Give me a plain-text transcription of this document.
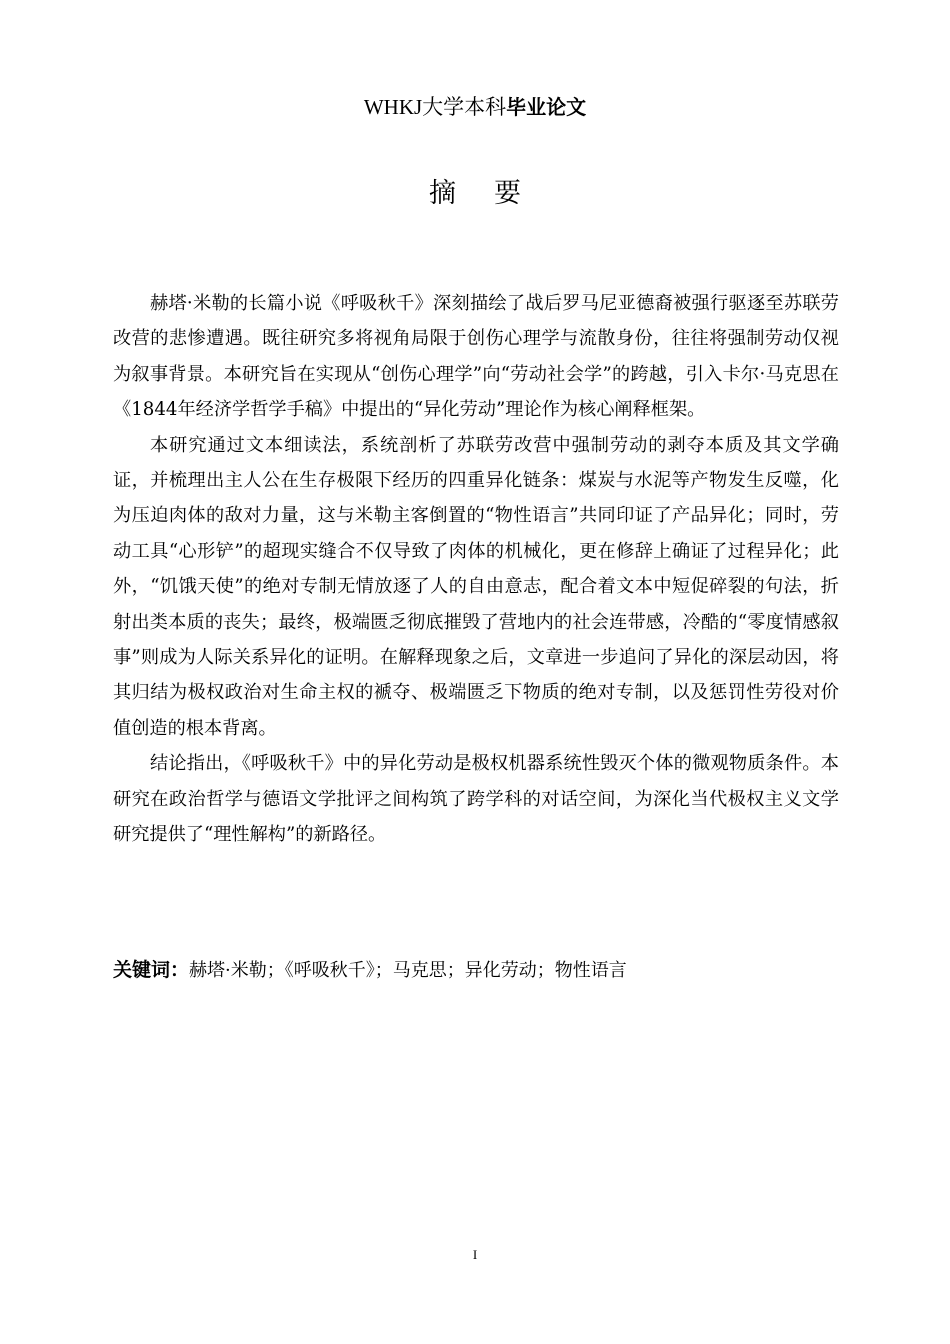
WHKJ大学本科毕业论文
摘要

赫塔·米勒的长篇小说《呼吸秋千》深刻描绘了战后罗马尼亚德裔被强行驱逐至苏联劳改营的悲惨遭遇。既往研究多将视角局限于创伤心理学与流散身份，往往将强制劳动仅视为叙事背景。本研究旨在实现从“创伤心理学”向“劳动社会学”的跨越，引入卡尔·马克思在《1844年经济学哲学手稿》中提出的“异化劳动”理论作为核心阐释框架。

本研究通过文本细读法，系统剖析了苏联劳改营中强制劳动的剥夺本质及其文学确证，并梳理出主人公在生存极限下经历的四重异化链条：煤炭与水泥等产物发生反噬，化为压迫肉体的敌对力量，这与米勒主客倒置的“物性语言”共同印证了产品异化；同时，劳动工具“心形铲”的超现实缝合不仅导致了肉体的机械化，更在修辞上确证了过程异化；此外，“饥饿天使”的绝对专制无情放逐了人的自由意志，配合着文本中短促碎裂的句法，折射出类本质的丧失；最终，极端匮乏彻底摧毁了营地内的社会连带感，冷酷的“零度情感叙事”则成为人际关系异化的证明。在解释现象之后，文章进一步追问了异化的深层动因，将其归结为极权政治对生命主权的褫夺、极端匮乏下物质的绝对专制，以及惩罚性劳役对价值创造的根本背离。

结论指出，《呼吸秋千》中的异化劳动是极权机器系统性毁灭个体的微观物质条件。本研究在政治哲学与德语文学批评之间构筑了跨学科的对话空间，为深化当代极权主义文学研究提供了“理性解构”的新路径。

关键词：赫塔·米勒；《呼吸秋千》；马克思；异化劳动；物性语言
I
